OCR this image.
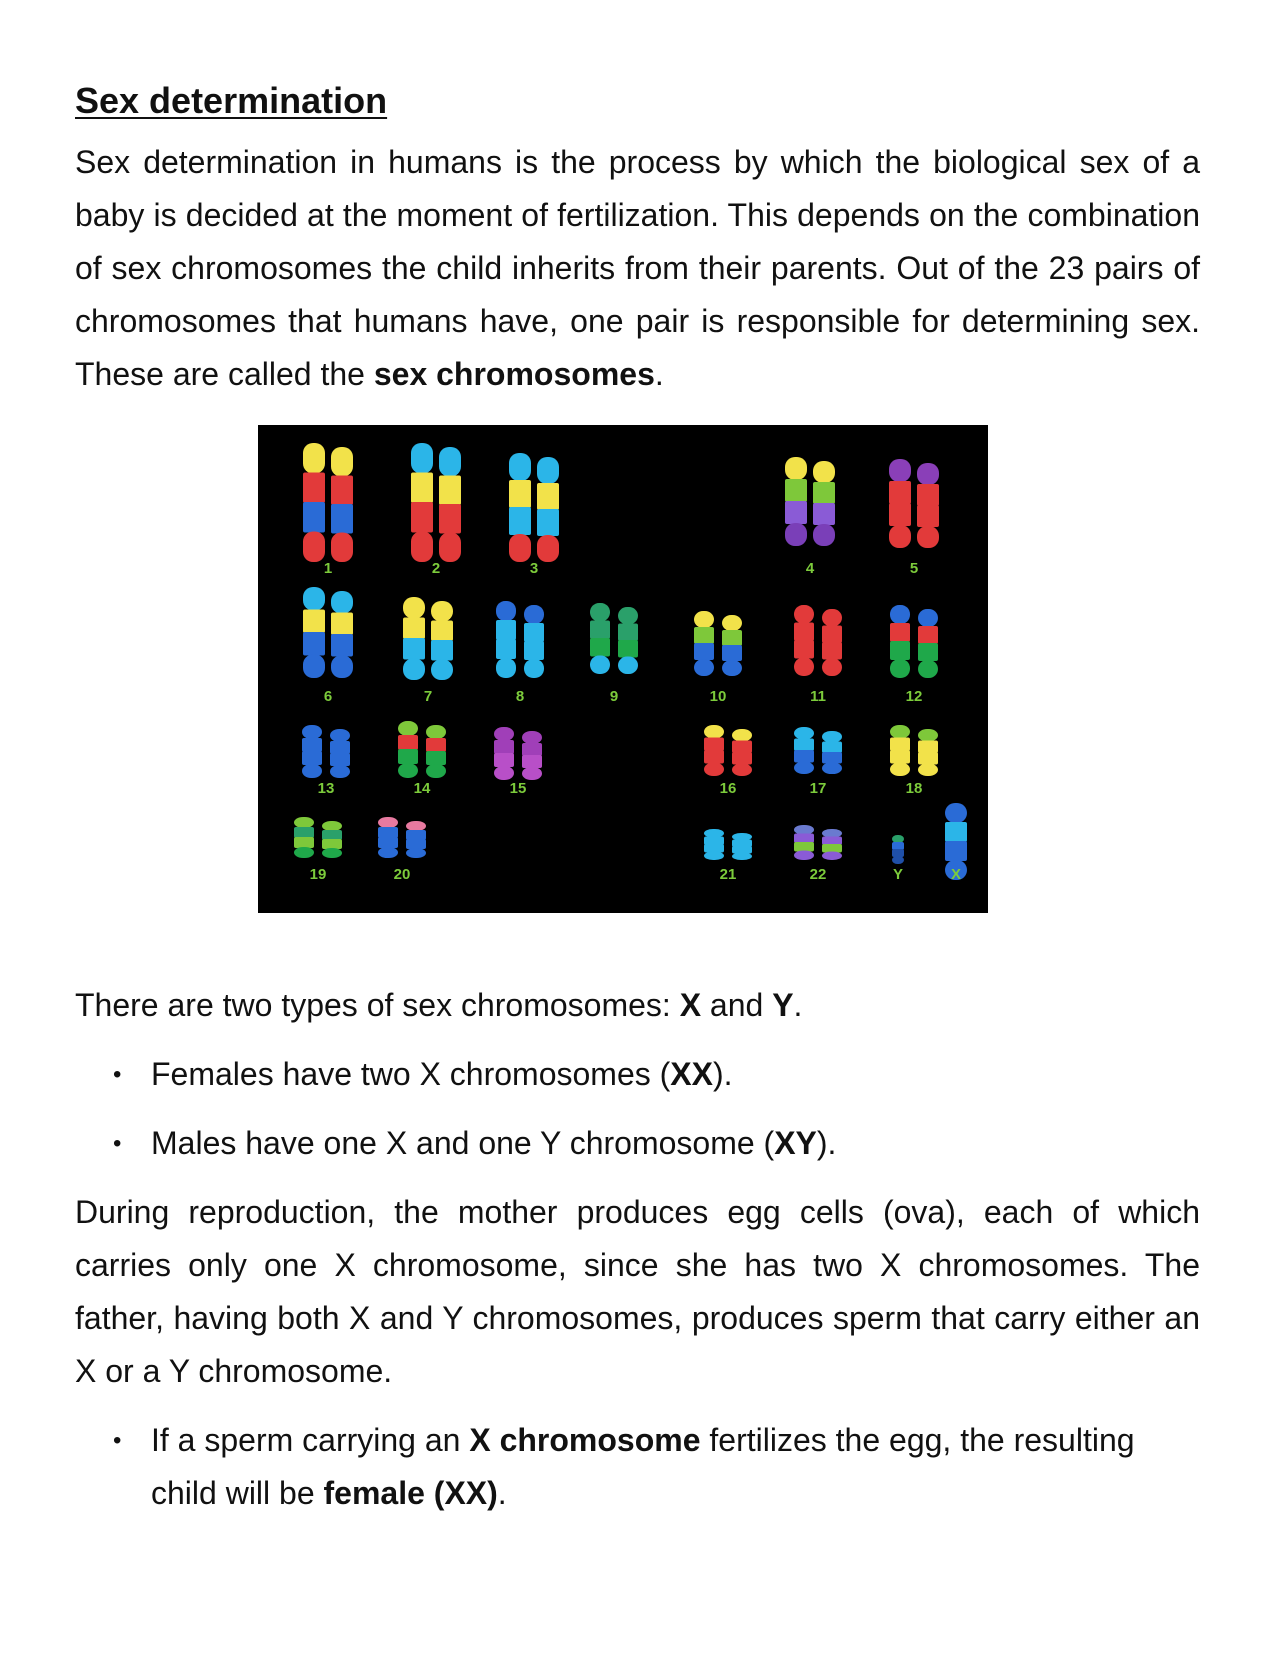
Sex determination

Sex determination in humans is the process by which the biological sex of a baby is decided at the moment of fertilization. This depends on the combination of sex chromosomes the child inherits from their parents. Out of the 23 pairs of chromosomes that humans have, one pair is responsible for determining sex. These are called the sex chromosomes.

1	2	3	4	5
6	7	8	9	10	11	12
13	14	15	16	17	18
19	20	21	22	Y	X

There are two types of sex chromosomes: X and Y.

• Females have two X chromosomes (XX).
• Males have one X and one Y chromosome (XY).

During reproduction, the mother produces egg cells (ova), each of which carries only one X chromosome, since she has two X chromosomes. The father, having both X and Y chromosomes, produces sperm that carry either an X or a Y chromosome.

• If a sperm carrying an X chromosome fertilizes the egg, the resulting child will be female (XX).
